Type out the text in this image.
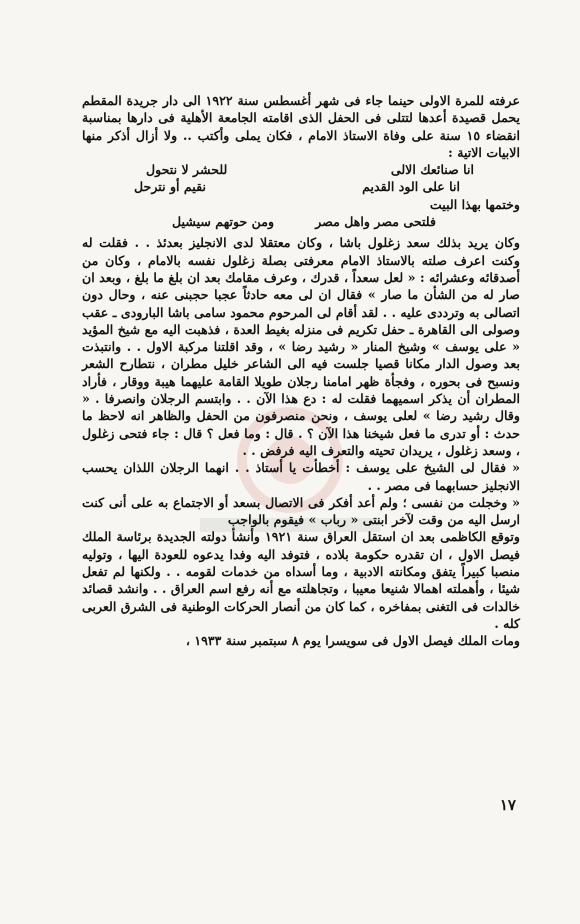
عرفته للمرة الاولى حينما جاء فى شهر أغسطس سنة ١٩٢٢ الى دار جريدة المقطم يحمل قصيدة أعدها لتتلى فى الحفل الذى اقامته الجامعة الأهلية فى دارها بمناسبة انقضاء ١٥ سنة على وفاة الاستاذ الامام ، فكان يملى وأكتب .. ولا أزال أذكر منها الابيات الاتية :

انا صنائعك الالى
للحشر لا نتحول
انا على الود القديم
نقيم أو نترحل

وختمها بهذا البيت

فلتحى مصر واهل مصر
ومن حوتهم سيشيل

وكان يريد بذلك سعد زغلول باشا ، وكان معتقلا لدى الانجليز بعدئذ . . فقلت له وكنت اعرف صلته بالاستاذ الامام معرفتى بصلة زغلول نفسه بالامام ، وكان من أصدقائه وعشرائه : « لعل سعداً ، قدرك ، وعرف مقامك بعد ان بلغ ما بلغ ، وبعد ان صار له من الشأن ما صار » فقال ان لى معه حادثاً عجبا حجبنى عنه ، وحال دون اتصالى به وترددى عليه . . لقد أقام لى المرحوم محمود سامى باشا البارودى ـ عقب وصولى الى القاهرة ـ حفل تكريم فى منزله بغيط العدة ، فذهبت اليه مع شيخ المؤيد « على يوسف » وشيخ المنار « رشيد رضا » ، وقد اقلتنا مركبة الاول . . وانتبذت بعد وصول الدار مكانا قصيا جلست فيه الى الشاعر خليل مطران ، نتطارح الشعر ونسبح فى بحوره ، وفجأة ظهر امامنا رجلان طويلا القامة عليهما هيبة ووقار ، فأراد المطران أن يذكر اسميهما فقلت له : دع هذا الآن . . وابتسم الرجلان وانصرفا . « وقال رشيد رضا » لعلى يوسف ، ونحن منصرفون من الحفل والظاهر انه لاحظ ما حدث : أو تدرى ما فعل شيخنا هذا الآن ؟ . قال : وما فعل ؟ قال : جاء فتحى زغلول ، وسعد زغلول ، يريدان تحيته والتعرف اليه فرفض . .

« فقال لى الشيخ على يوسف : أخطأت يا أستاذ . . انهما الرجلان اللذان يحسب الانجليز حسابهما فى مصر . .

« وخجلت من نفسى ؛ ولم أعد أفكر فى الاتصال بسعد أو الاجتماع به على أنى كنت ارسل اليه من وقت لآخر ابنتى « رباب » فيقوم بالواجب

وتوقع الكاظمى بعد ان استقل العراق سنة ١٩٢١ وأنشأ دولته الجديدة برئاسة الملك فيصل الاول ، ان تقدره حكومة بلاده ، فتوفد اليه وفدا يدعوه للعودة اليها ، وتوليه منصبا كبيراً يتفق ومكانته الادبية ، وما أسداه من خدمات لقومه . . ولكنها لم تفعل شيئا ، وأهملته اهمالا شنيعا معيبا ، وتجاهلته مع أنه رفع اسم العراق . . وانشد قصائد خالدات فى التغنى بمفاخره ، كما كان من أنصار الحركات الوطنية فى الشرق العربى كله .

ومات الملك فيصل الاول فى سويسرا يوم ٨ سبتمبر سنة ١٩٣٣ ،

١٧
